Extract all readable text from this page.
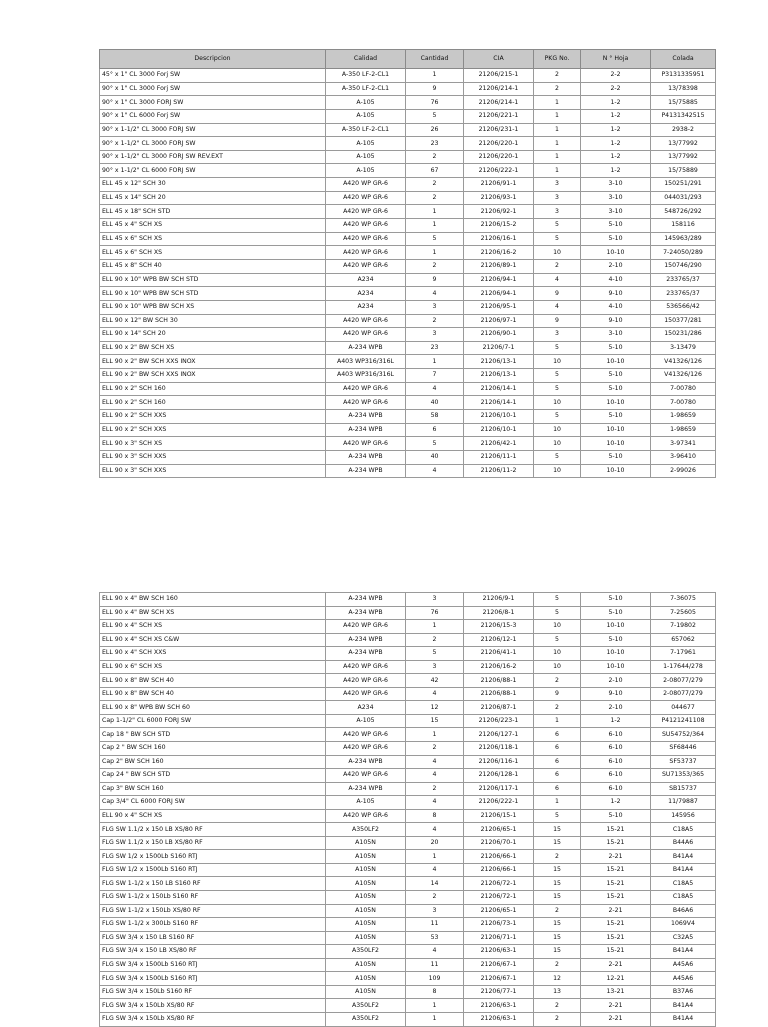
Descripcion	Calidad	Cantidad	CIA	PKG No.	N ° Hoja	Colada
45° x 1" CL 3000 Forj SW	A-350 LF-2-CL1	1	21206/215-1	2	2-2	P3131335951
90° x 1" CL 3000 Forj SW	A-350 LF-2-CL1	9	21206/214-1	2	2-2	13/78398
90° x 1" CL 3000 FORJ SW	A-105	76	21206/214-1	1	1-2	15/75885
90° x 1" CL 6000 Forj SW	A-105	5	21206/221-1	1	1-2	P4131342515
90° x 1-1/2" CL 3000 FORJ SW	A-350 LF-2-CL1	26	21206/231-1	1	1-2	2938-2
90° x 1-1/2" CL 3000 FORJ SW	A-105	23	21206/220-1	1	1-2	13/77992
90° x 1-1/2" CL 3000 FORJ SW REV.EXT	A-105	2	21206/220-1	1	1-2	13/77992
90° x 1-1/2" CL 6000 FORJ SW	A-105	67	21206/222-1	1	1-2	15/75889
ELL 45 x 12" SCH 30	A420 WP GR-6	2	21206/91-1	3	3-10	150251/291
ELL 45 x 14" SCH 20	A420 WP GR-6	2	21206/93-1	3	3-10	044031/293
ELL 45 x 18" SCH STD	A420 WP GR-6	1	21206/92-1	3	3-10	548726/292
ELL 45 x 4" SCH XS	A420 WP GR-6	1	21206/15-2	5	5-10	158116
ELL 45 x 6" SCH XS	A420 WP GR-6	5	21206/16-1	5	5-10	145963/289
ELL 45 x 6" SCH XS	A420 WP GR-6	1	21206/16-2	10	10-10	7-24050/289
ELL 45 x 8" SCH 40	A420 WP GR-6	2	21206/89-1	2	2-10	150746/290
ELL 90 x 10" WPB BW SCH STD	A234	9	21206/94-1	4	4-10	233765/37
ELL 90 x 10" WPB BW SCH STD	A234	4	21206/94-1	9	9-10	233765/37
ELL 90 x 10" WPB BW SCH XS	A234	3	21206/95-1	4	4-10	536566/42
ELL 90 x 12" BW SCH 30	A420 WP GR-6	2	21206/97-1	9	9-10	150377/281
ELL 90 x 14" SCH 20	A420 WP GR-6	3	21206/90-1	3	3-10	150231/286
ELL 90 x 2" BW SCH XS	A-234 WPB	23	21206/7-1	5	5-10	3-13479
ELL 90 x 2" BW SCH XXS INOX	A403 WP316/316L	1	21206/13-1	10	10-10	V41326/126
ELL 90 x 2" BW SCH XXS INOX	A403 WP316/316L	7	21206/13-1	5	5-10	V41326/126
ELL 90 x 2" SCH 160	A420 WP GR-6	4	21206/14-1	5	5-10	7-00780
ELL 90 x 2" SCH 160	A420 WP GR-6	40	21206/14-1	10	10-10	7-00780
ELL 90 x 2" SCH XXS	A-234 WPB	58	21206/10-1	5	5-10	1-98659
ELL 90 x 2" SCH XXS	A-234 WPB	6	21206/10-1	10	10-10	1-98659
ELL 90 x 3" SCH XS	A420 WP GR-6	5	21206/42-1	10	10-10	3-97341
ELL 90 x 3" SCH XXS	A-234 WPB	40	21206/11-1	5	5-10	3-96410
ELL 90 x 3" SCH XXS	A-234 WPB	4	21206/11-2	10	10-10	2-99026
ELL 90 x 4" BW SCH 160	A-234 WPB	3	21206/9-1	5	5-10	7-36075
ELL 90 x 4" BW SCH XS	A-234 WPB	76	21206/8-1	5	5-10	7-25605
ELL 90 x 4" SCH XS	A420 WP GR-6	1	21206/15-3	10	10-10	7-19802
ELL 90 x 4" SCH XS C&W	A-234 WPB	2	21206/12-1	5	5-10	657062
ELL 90 x 4" SCH XXS	A-234 WPB	5	21206/41-1	10	10-10	7-17961
ELL 90 x 6" SCH XS	A420 WP GR-6	3	21206/16-2	10	10-10	1-17644/278
ELL 90 x 8" BW SCH 40	A420 WP GR-6	42	21206/88-1	2	2-10	2-08077/279
ELL 90 x 8" BW SCH 40	A420 WP GR-6	4	21206/88-1	9	9-10	2-08077/279
ELL 90 x 8" WPB BW SCH 60	A234	12	21206/87-1	2	2-10	044677
Cap 1-1/2" CL 6000 FORJ SW	A-105	15	21206/223-1	1	1-2	P4121241108
Cap 18 " BW SCH STD	A420 WP GR-6	1	21206/127-1	6	6-10	SU54752/364
Cap 2 " BW SCH 160	A420 WP GR-6	2	21206/118-1	6	6-10	SF68446
Cap 2" BW SCH 160	A-234 WPB	4	21206/116-1	6	6-10	SF53737
Cap 24 " BW SCH STD	A420 WP GR-6	4	21206/128-1	6	6-10	SU71353/365
Cap 3" BW SCH 160	A-234 WPB	2	21206/117-1	6	6-10	SB15737
Cap 3/4" CL 6000 FORJ SW	A-105	4	21206/222-1	1	1-2	11/79887
ELL 90 x 4" SCH XS	A420 WP GR-6	8	21206/15-1	5	5-10	145956
FLG SW 1.1/2 x 150 LB XS/80 RF	A350LF2	4	21206/65-1	15	15-21	C18A5
FLG SW 1.1/2 x 150 LB XS/80 RF	A105N	20	21206/70-1	15	15-21	B44A6
FLG SW 1/2 x 1500Lb S160 RTJ	A105N	1	21206/66-1	2	2-21	B41A4
FLG SW 1/2 x 1500Lb S160 RTJ	A105N	4	21206/66-1	15	15-21	B41A4
FLG SW 1-1/2 x 150 LB S160 RF	A105N	14	21206/72-1	15	15-21	C18A5
FLG SW 1-1/2 x 150Lb S160 RF	A105N	2	21206/72-1	15	15-21	C18A5
FLG SW 1-1/2 x 150Lb XS/80 RF	A105N	3	21206/65-1	2	2-21	B46A6
FLG SW 1-1/2 x 300Lb S160 RF	A105N	11	21206/73-1	15	15-21	1069V4
FLG SW 3/4 x 150 LB S160 RF	A105N	53	21206/71-1	15	15-21	C32A5
FLG SW 3/4 x 150 LB XS/80 RF	A350LF2	4	21206/63-1	15	15-21	B41A4
FLG SW 3/4 x 1500Lb S160 RTJ	A105N	11	21206/67-1	2	2-21	A45A6
FLG SW 3/4 x 1500Lb S160 RTJ	A105N	109	21206/67-1	12	12-21	A45A6
FLG SW 3/4 x 150Lb S160 RF	A105N	8	21206/77-1	13	13-21	B37A6
FLG SW 3/4 x 150Lb XS/80 RF	A350LF2	1	21206/63-1	2	2-21	B41A4
FLG SW 3/4 x 150Lb XS/80 RF	A350LF2	1	21206/63-1	2	2-21	B41A4
